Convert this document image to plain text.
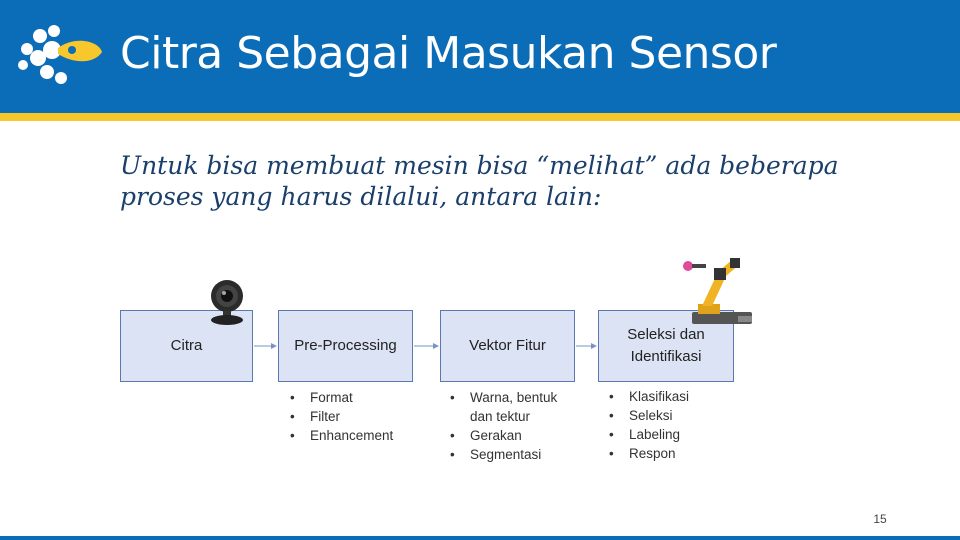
Citra Sebagai Masukan Sensor
Untuk bisa membuat mesin bisa “melihat” ada beberapa proses yang harus dilalui, antara lain:
Citra	Pre-Processing	Vektor Fitur
Seleksi dan Identifikasi
• Format
• Filter
• Enhancement
• Warna, bentuk dan tektur
• Gerakan
• Segmentasi
• Klasifikasi
• Seleksi
• Labeling
• Respon
15
